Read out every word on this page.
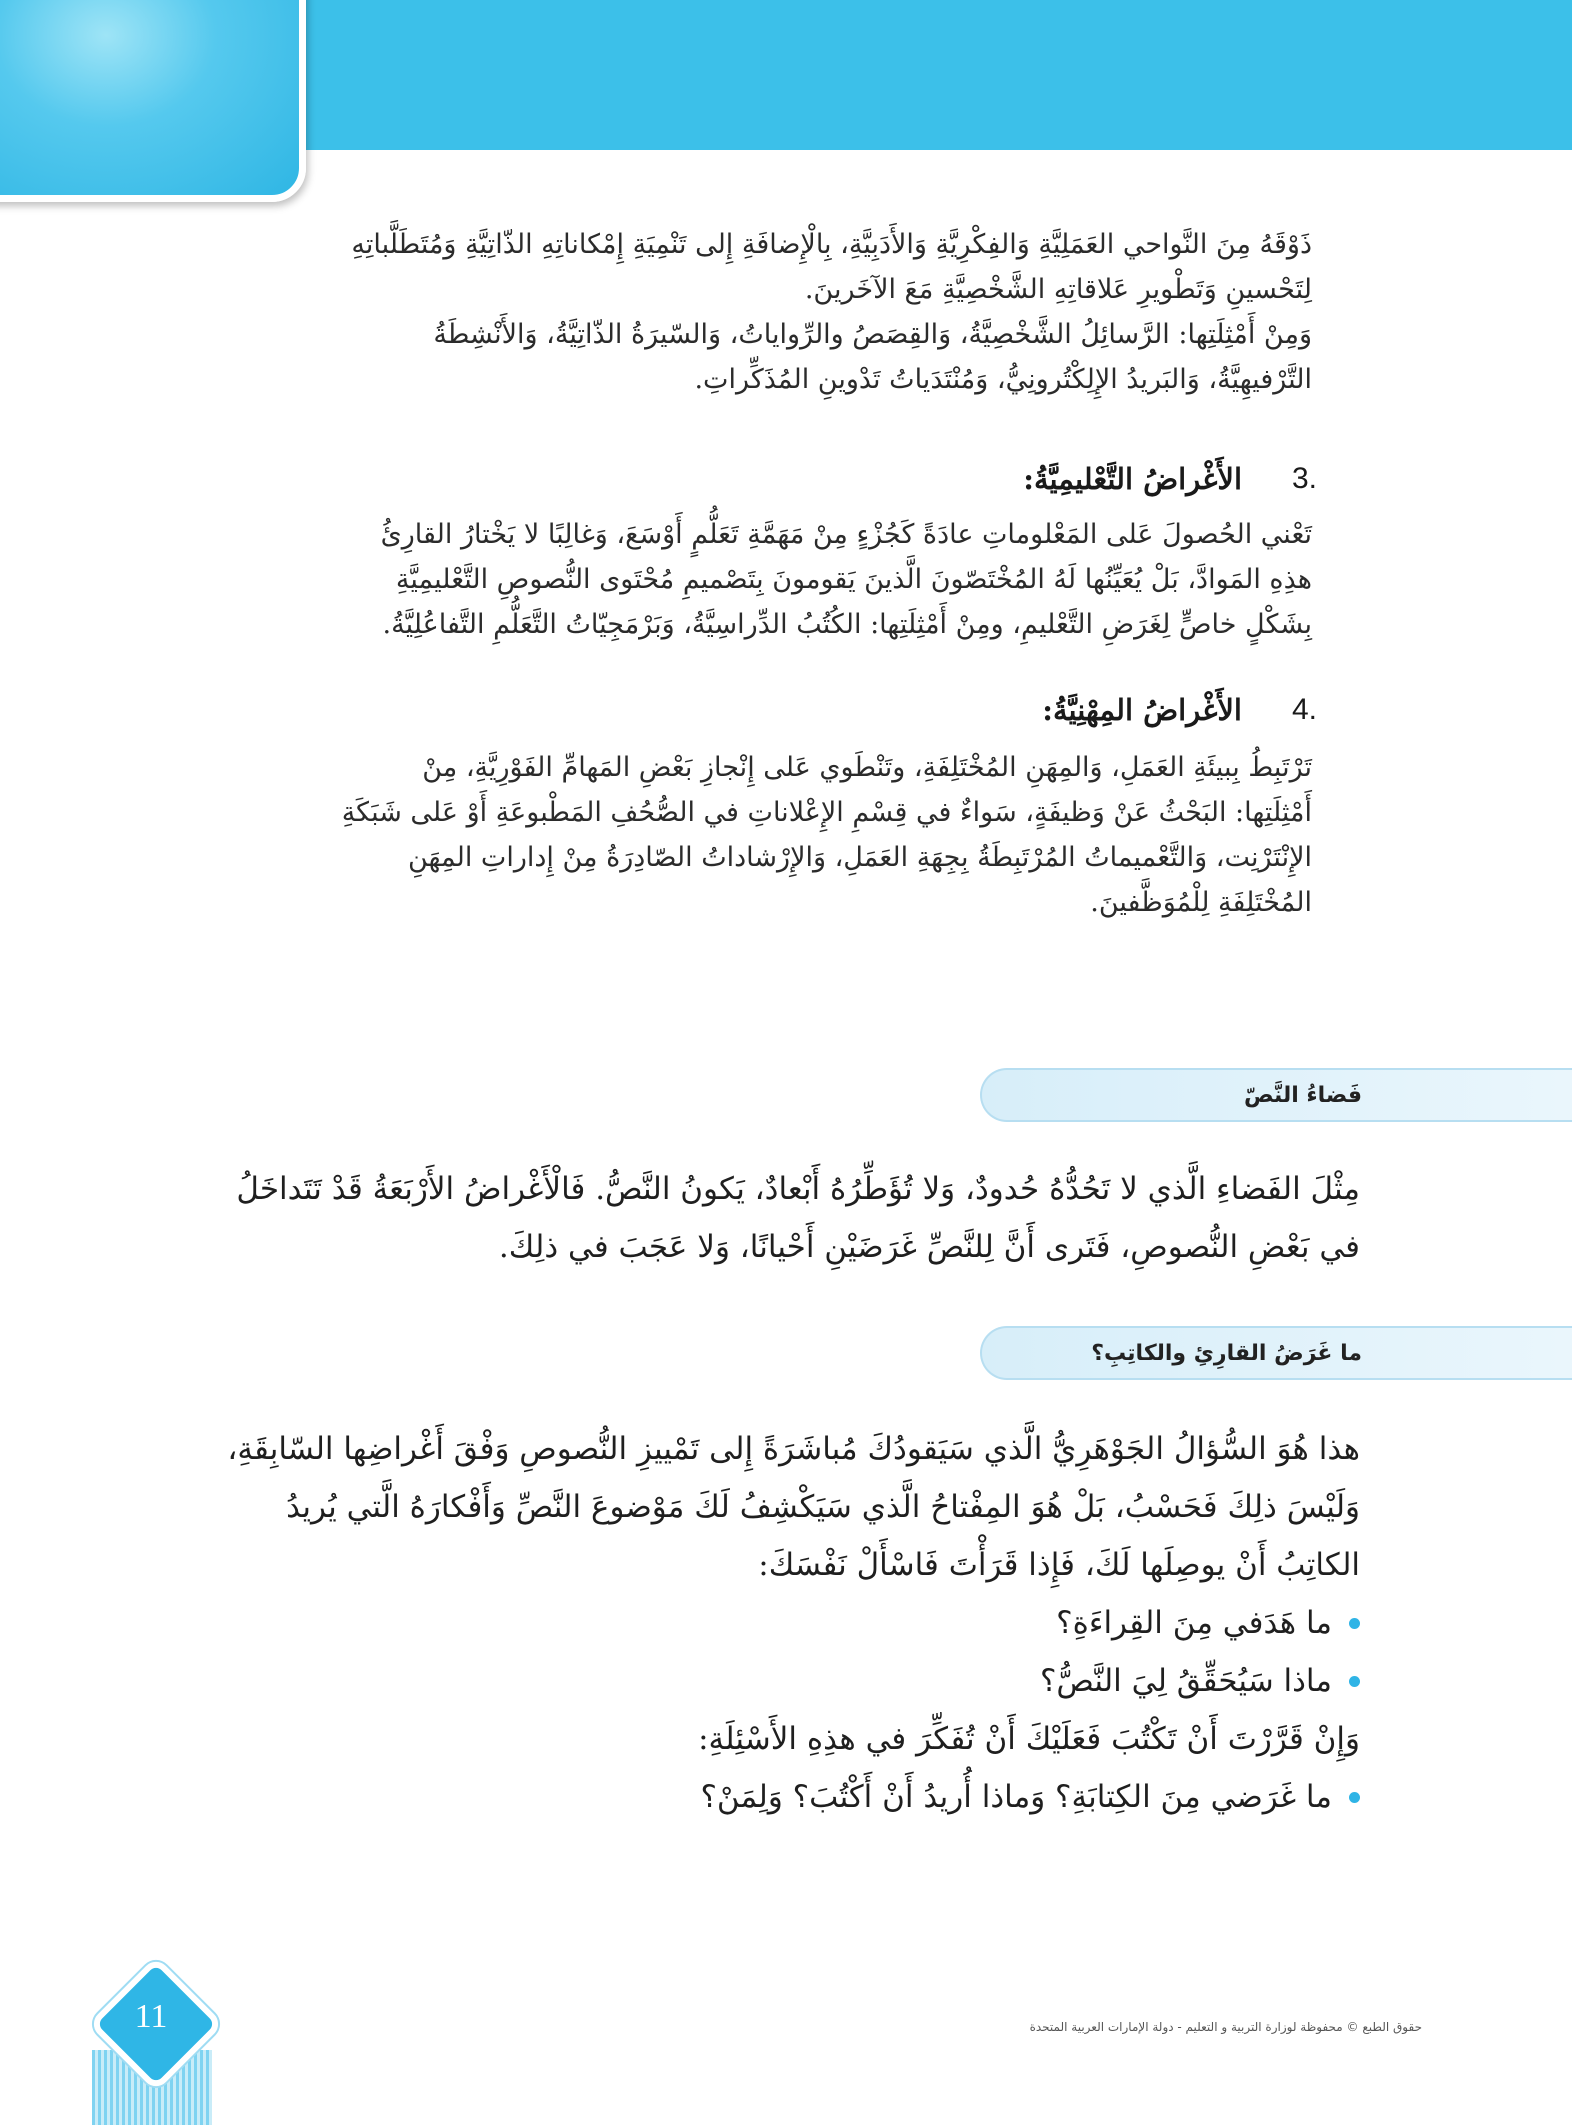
ذَوْقَهُ مِنَ النَّواحي العَمَلِيَّةِ وَالفِكْرِيَّةِ وَالأَدَبِيَّةِ، بِالْإِضافَةِ إِلى تَنْمِيَةِ إِمْكاناتِهِ الذّاتِيَّةِ وَمُتَطَلَّباتِهِ
لِتَحْسينِ وَتَطْويرِ عَلاقاتِهِ الشَّخْصِيَّةِ مَعَ الآخَرينَ.
وَمِنْ أَمْثِلَتِها: الرَّسائِلُ الشَّخْصِيَّةُ، وَالقِصَصُ والرِّواياتُ، وَالسّيرَةُ الذّاتِيَّةُ، وَالأَنْشِطَةُ
التَّرْفيهِيَّةُ، وَالبَريدُ الإِلِكْتُرونِيُّ، وَمُنْتَدَياتُ تَدْوينِ المُذَكِّراتِ.
3.
الأَغْراضُ التَّعْليمِيَّةُ:
تَعْني الحُصولَ عَلى المَعْلوماتِ عادَةً كَجُزْءٍ مِنْ مَهَمَّةِ تَعَلُّمٍ أَوْسَعَ، وَغالِبًا لا يَخْتارُ القارِئُ
هذِهِ المَوادَّ، بَلْ يُعَيِّنُها لَهُ المُخْتَصّونَ الَّذينَ يَقومونَ بِتَصْميمِ مُحْتَوى النُّصوصِ التَّعْليمِيَّةِ
بِشَكْلٍ خاصٍّ لِغَرَضِ التَّعْليمِ، ومِنْ أَمْثِلَتِها: الكُتُبُ الدِّراسِيَّةُ، وَبَرْمَجِيّاتُ التَّعَلُّمِ التَّفاعُلِيَّةُ.
4.
الأَغْراضُ المِهْنِيَّةُ:
تَرْتَبِطُ بِبيئَةِ العَمَلِ، وَالمِهَنِ المُخْتَلِفَةِ، وتَنْطَوي عَلى إِنْجازِ بَعْضِ المَهامِّ الفَوْرِيَّةِ، مِنْ
أَمْثِلَتِها: البَحْثُ عَنْ وَظيفَةٍ، سَواءٌ في قِسْمِ الإِعْلاناتِ في الصُّحُفِ المَطْبوعَةِ أَوْ عَلى شَبَكَةِ
الإِنْتَرْنِت، وَالتَّعْميماتُ المُرْتَبِطَةُ بِجِهَةِ العَمَلِ، وَالإِرْشاداتُ الصّادِرَةُ مِنْ إِداراتِ المِهَنِ
المُخْتَلِفَةِ لِلْمُوَظَّفينَ.
فَضاءُ النَّصّ
مِثْلَ الفَضاءِ الَّذي لا تَحُدُّهُ حُدودٌ، وَلا تُؤَطِّرُهُ أَبْعادٌ، يَكونُ النَّصُّ. فَالْأَغْراضُ الأَرْبَعَةُ قَدْ تَتَداخَلُ
في بَعْضِ النُّصوصِ، فَتَرى أَنَّ لِلنَّصِّ غَرَضَيْنِ أَحْيانًا، وَلا عَجَبَ في ذلِكَ.
ما غَرَضُ القارِئِ والكاتِبِ؟
هذا هُوَ السُّؤالُ الجَوْهَرِيُّ الَّذي سَيَقودُكَ مُباشَرَةً إِلى تَمْييزِ النُّصوصِ وَفْقَ أَغْراضِها السّابِقَةِ،
وَلَيْسَ ذلِكَ فَحَسْبُ، بَلْ هُوَ المِفْتاحُ الَّذي سَيَكْشِفُ لَكَ مَوْضوعَ النَّصِّ وَأَفْكارَهُ الَّتي يُريدُ
الكاتِبُ أَنْ يوصِلَها لَكَ، فَإِذا قَرَأْتَ فَاسْأَلْ نَفْسَكَ:
ما هَدَفي مِنَ القِراءَةِ؟
ماذا سَيُحَقِّقُ لِيَ النَّصُّ؟
وَإِنْ قَرَّرْتَ أَنْ تَكْتُبَ فَعَلَيْكَ أَنْ تُفَكِّرَ في هذِهِ الأَسْئِلَةِ:
ما غَرَضي مِنَ الكِتابَةِ؟ وَماذا أُريدُ أَنْ أَكْتُبَ؟ وَلِمَنْ؟
11	حقوق الطبع © محفوظة لوزارة التربية و التعليم - دولة الإمارات العربية المتحدة
